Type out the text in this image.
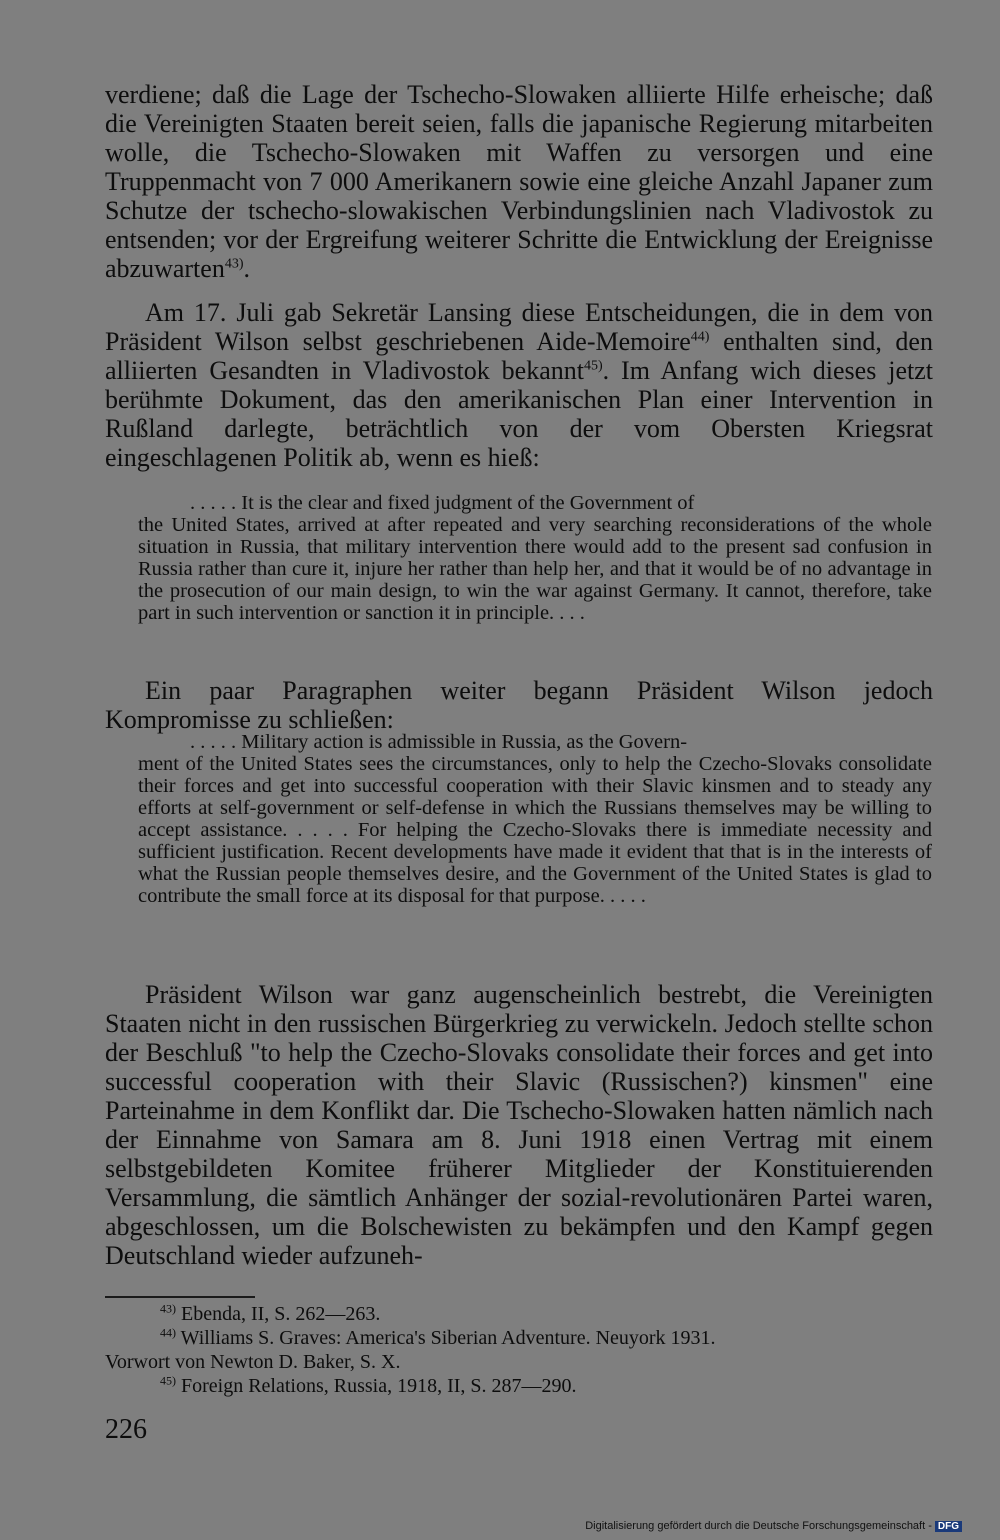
verdiene; daß die Lage der Tschecho-Slowaken alliierte Hilfe erheische; daß die Vereinigten Staaten bereit seien, falls die japanische Regierung mitarbeiten wolle, die Tschecho-Slowaken mit Waffen zu versorgen und eine Truppenmacht von 7 000 Amerikanern sowie eine gleiche Anzahl Japaner zum Schutze der tschecho-slowakischen Verbindungslinien nach Vladivostok zu entsenden; vor der Ergreifung weiterer Schritte die Entwicklung der Ereignisse abzuwarten$^{43)}$.

Am 17. Juli gab Sekretär Lansing diese Entscheidungen, die in dem von Präsident Wilson selbst geschriebenen Aide-Memoire$^{44)}$ enthalten sind, den alliierten Gesandten in Vladivostok bekannt$^{45)}$. Im Anfang wich dieses jetzt berühmte Dokument, das den amerikanischen Plan einer Intervention in Rußland darlegte, beträchtlich von der vom Obersten Kriegsrat eingeschlagenen Politik ab, wenn es hieß:

. . . . . It is the clear and fixed judgment of the Government of
the United States, arrived at after repeated and very searching reconsiderations of the whole situation in Russia, that military intervention there would add to the present sad confusion in Russia rather than cure it, injure her rather than help her, and that it would be of no advantage in the prosecution of our main design, to win the war against Germany. It cannot, therefore, take part in such intervention or sanction it in principle. . . .

Ein paar Paragraphen weiter begann Präsident Wilson jedoch Kompromisse zu schließen:

. . . . . Military action is admissible in Russia, as the Govern-
ment of the United States sees the circumstances, only to help the Czecho-Slovaks consolidate their forces and get into successful cooperation with their Slavic kinsmen and to steady any efforts at self-government or self-defense in which the Russians themselves may be willing to accept assistance. . . . . For helping the Czecho-Slovaks there is immediate necessity and sufficient justification. Recent developments have made it evident that that is in the interests of what the Russian people themselves desire, and the Government of the United States is glad to contribute the small force at its disposal for that purpose. . . . .

Präsident Wilson war ganz augenscheinlich bestrebt, die Vereinigten Staaten nicht in den russischen Bürgerkrieg zu verwickeln. Jedoch stellte schon der Beschluß "to help the Czecho-Slovaks consolidate their forces and get into successful cooperation with their Slavic (Russischen?) kinsmen" eine Parteinahme in dem Konflikt dar. Die Tschecho-Slowaken hatten nämlich nach der Einnahme von Samara am 8. Juni 1918 einen Vertrag mit einem selbstgebildeten Komitee früherer Mitglieder der Konstituierenden Versammlung, die sämtlich Anhänger der sozial-revolutionären Partei waren, abgeschlossen, um die Bolschewisten zu bekämpfen und den Kampf gegen Deutschland wieder aufzuneh-

$^{43)}$ Ebenda, II, S. 262—263.
$^{44)}$ Williams S. Graves: America's Siberian Adventure. Neuyork 1931.
Vorwort von Newton D. Baker, S. X.
$^{45)}$ Foreign Relations, Russia, 1918, II, S. 287—290.
226
Digitalisierung gefördert durch die Deutsche Forschungsgemeinschaft - DFG
